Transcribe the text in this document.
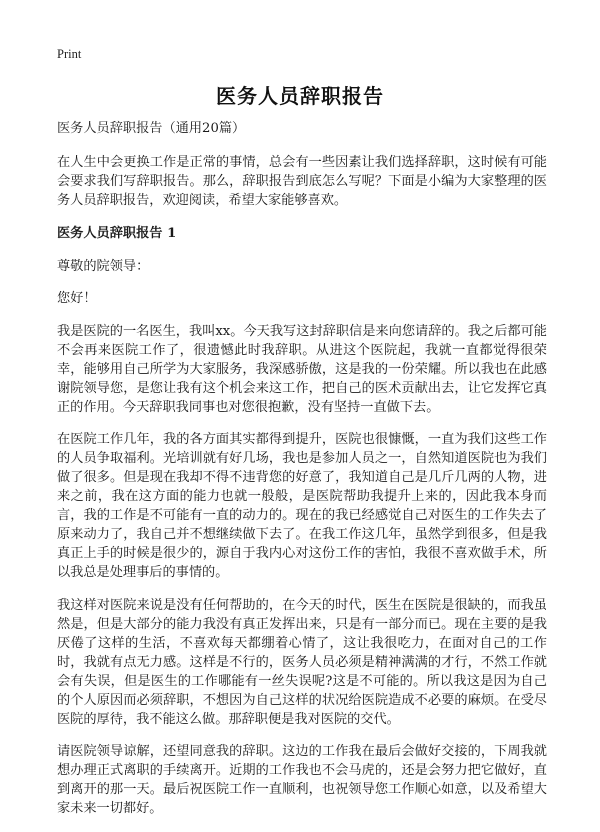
Print
医务人员辞职报告

医务人员辞职报告（通用20篇）

在人生中会更换工作是正常的事情，总会有一些因素让我们选择辞职，这时候有可能会要求我们写辞职报告。那么，辞职报告到底怎么写呢？下面是小编为大家整理的医务人员辞职报告，欢迎阅读，希望大家能够喜欢。

医务人员辞职报告 1

尊敬的院领导：

您好！

我是医院的一名医生，我叫xx。今天我写这封辞职信是来向您请辞的。我之后都可能不会再来医院工作了，很遗憾此时我辞职。从进这个医院起，我就一直都觉得很荣幸，能够用自己所学为大家服务，我深感骄傲，这是我的一份荣耀。所以我也在此感谢院领导您，是您让我有这个机会来这工作，把自己的医术贡献出去，让它发挥它真正的作用。今天辞职我同事也对您很抱歉，没有坚持一直做下去。

在医院工作几年，我的各方面其实都得到提升，医院也很慷慨，一直为我们这些工作的人员争取福利。光培训就有好几场，我也是参加人员之一，自然知道医院也为我们做了很多。但是现在我却不得不违背您的好意了，我知道自己是几斤几两的人物，进来之前，我在这方面的能力也就一般般，是医院帮助我提升上来的，因此我本身而言，我的工作是不可能有一直的动力的。现在的我已经感觉自己对医生的工作失去了原来动力了，我自己并不想继续做下去了。在我工作这几年，虽然学到很多，但是我真正上手的时候是很少的，源自于我内心对这份工作的害怕，我很不喜欢做手术，所以我总是处理事后的事情的。

我这样对医院来说是没有任何帮助的，在今天的时代，医生在医院是很缺的，而我虽然是，但是大部分的能力我没有真正发挥出来，只是有一部分而已。现在主要的是我厌倦了这样的生活，不喜欢每天都绷着心情了，这让我很吃力，在面对自己的工作时，我就有点无力感。这样是不行的，医务人员必须是精神满满的才行，不然工作就会有失误，但是医生的工作哪能有一丝失误呢?这是不可能的。所以我这是因为自己的个人原因而必须辞职，不想因为自己这样的状况给医院造成不必要的麻烦。在受尽医院的厚待，我不能这么做。那辞职便是我对医院的交代。

请医院领导谅解，还望同意我的辞职。这边的工作我在最后会做好交接的，下周我就想办理正式离职的手续离开。近期的工作我也不会马虎的，还是会努力把它做好，直到离开的那一天。最后祝医院工作一直顺利，也祝领导您工作顺心如意，以及希望大家未来一切都好。
